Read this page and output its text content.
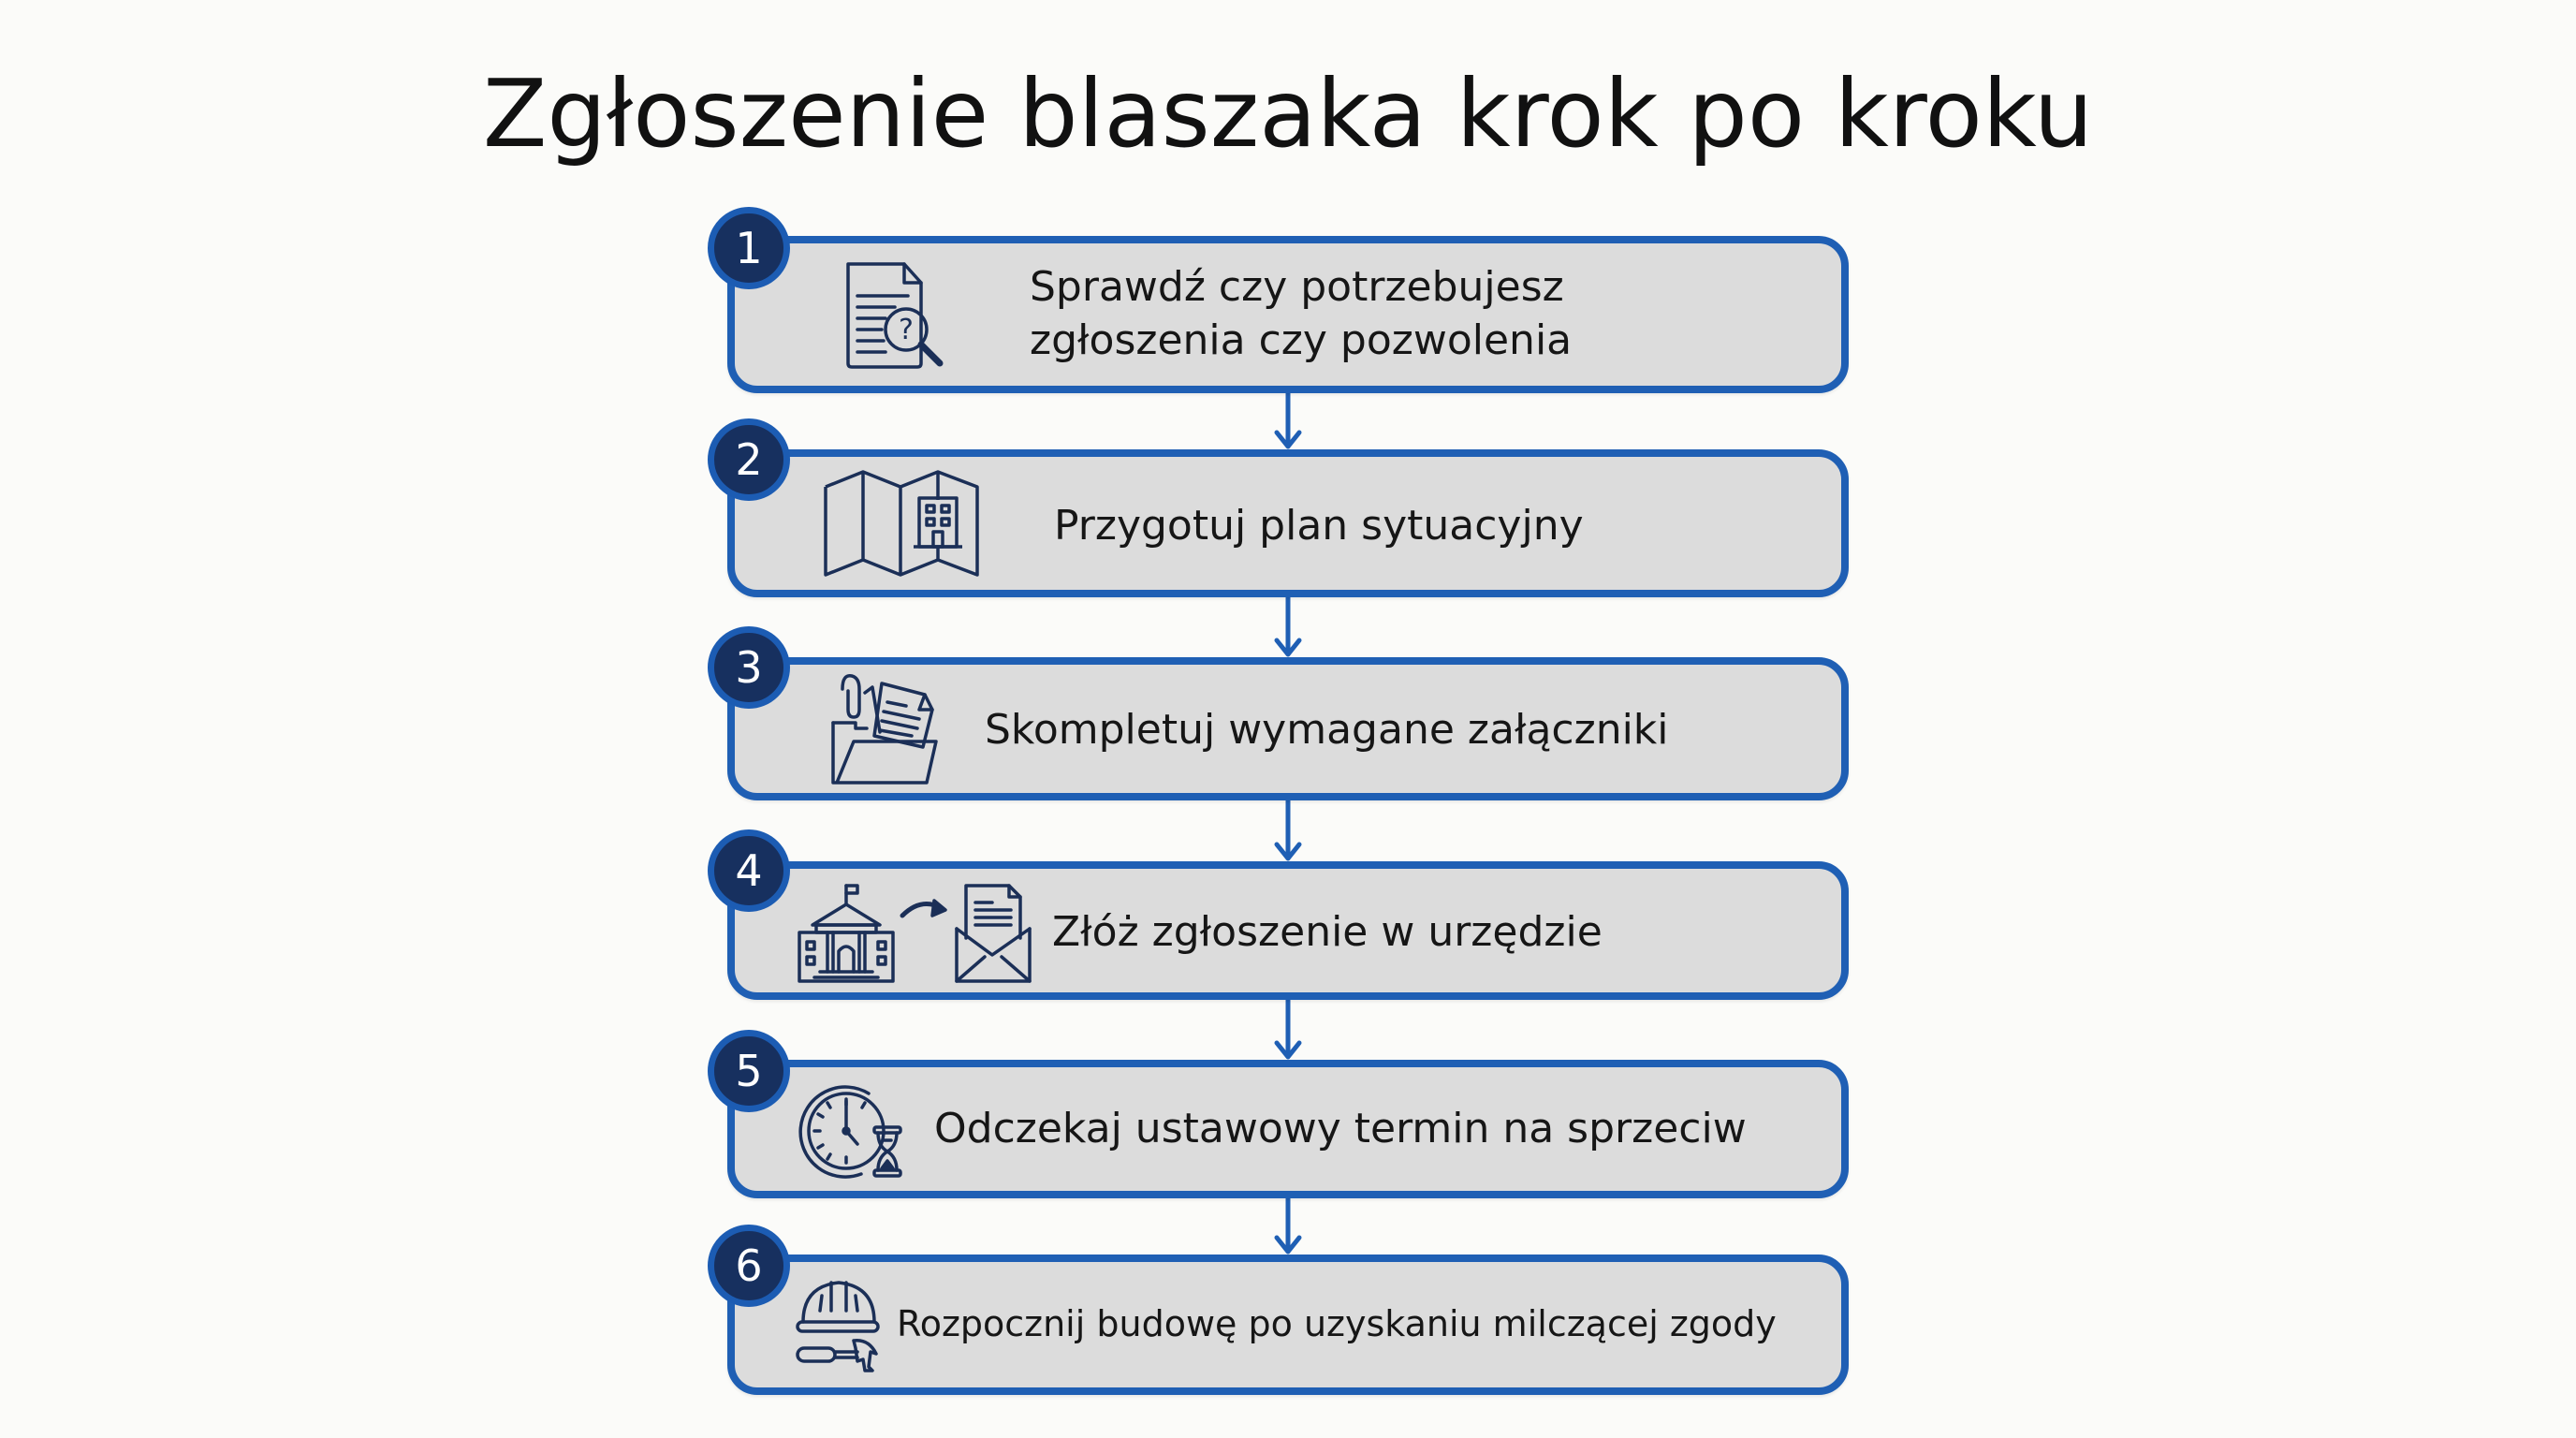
Zgłoszenie blaszaka krok po kroku
?
Sprawdź czy potrzebujesz
zgłoszenia czy pozwolenia
1
Przygotuj plan sytuacyjny
2
Skompletuj wymagane załączniki
3
Złóż zgłoszenie w urzędzie
4
Odczekaj ustawowy termin na sprzeciw
5
Rozpocznij budowę po uzyskaniu milczącej zgody
6
